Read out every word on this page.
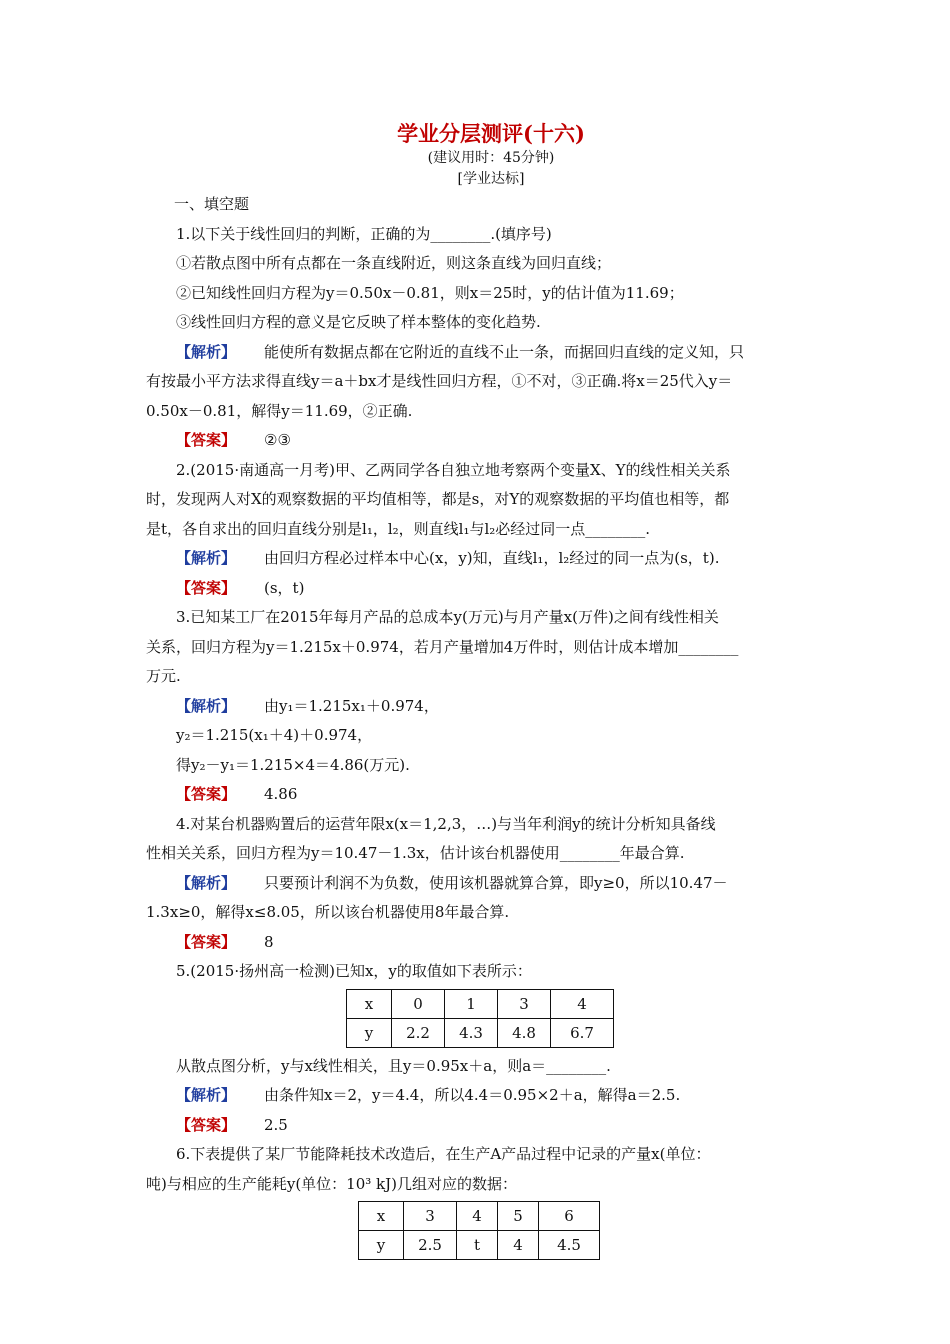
学业分层测评(十六)
(建议用时：45分钟)
[学业达标]
一、填空题
1.以下关于线性回归的判断，正确的为________.(填序号)
①若散点图中所有点都在一条直线附近，则这条直线为回归直线；
②已知线性回归方程为y＝0.50x－0.81，则x＝25时，y的估计值为11.69；
③线性回归方程的意义是它反映了样本整体的变化趋势.
【解析】 能使所有数据点都在它附近的直线不止一条，而据回归直线的定义知，只
有按最小平方法求得直线y＝a＋bx才是线性回归方程，①不对，③正确.将x＝25代入y＝
0.50x－0.81，解得y＝11.69，②正确.
【答案】 ②③
2.(2015·南通高一月考)甲、乙两同学各自独立地考察两个变量X、Y的线性相关关系
时，发现两人对X的观察数据的平均值相等，都是s，对Y的观察数据的平均值也相等，都
是t，各自求出的回归直线分别是l₁，l₂，则直线l₁与l₂必经过同一点________.
【解析】 由回归方程必过样本中心(x，y)知，直线l₁，l₂经过的同一点为(s，t).
【答案】 (s，t)
3.已知某工厂在2015年每月产品的总成本y(万元)与月产量x(万件)之间有线性相关
关系，回归方程为y＝1.215x＋0.974，若月产量增加4万件时，则估计成本增加________
万元.
【解析】 由y₁＝1.215x₁＋0.974，
y₂＝1.215(x₁＋4)＋0.974，
得y₂－y₁＝1.215×4＝4.86(万元).
【答案】 4.86
4.对某台机器购置后的运营年限x(x＝1,2,3，…)与当年利润y的统计分析知具备线
性相关关系，回归方程为y＝10.47－1.3x，估计该台机器使用________年最合算.
【解析】 只要预计利润不为负数，使用该机器就算合算，即y≥0，所以10.47－
1.3x≥0，解得x≤8.05，所以该台机器使用8年最合算.
【答案】 8
5.(2015·扬州高一检测)已知x，y的取值如下表所示：
x	0	1	3	4
y	2.2	4.3	4.8	6.7
从散点图分析，y与x线性相关，且y＝0.95x＋a，则a＝________.
【解析】 由条件知x＝2，y＝4.4，所以4.4＝0.95×2＋a，解得a＝2.5.
【答案】 2.5
6.下表提供了某厂节能降耗技术改造后，在生产A产品过程中记录的产量x(单位：
吨)与相应的生产能耗y(单位：10³ kJ)几组对应的数据：
x	3	4	5	6
y	2.5	t	4	4.5
